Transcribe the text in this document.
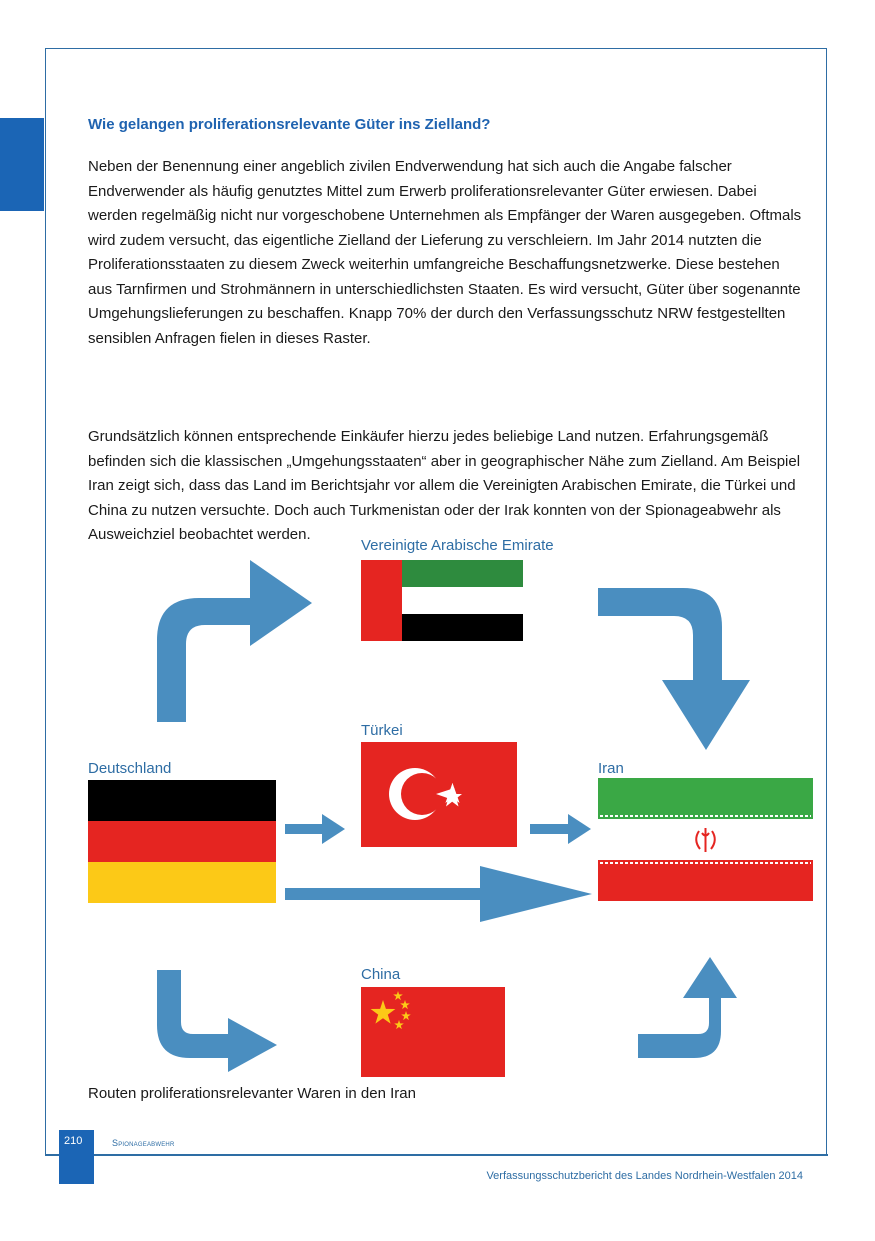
Wie gelangen proliferationsrelevante Güter ins Zielland?

Neben der Benennung einer angeblich zivilen Endverwendung hat sich auch die Angabe falscher Endverwender als häufig genutztes Mittel zum Erwerb proliferationsrelevanter Güter erwiesen. Dabei werden regelmäßig nicht nur vorgeschobene Unternehmen als Empfänger der Waren ausgegeben. Oftmals wird zudem versucht, das eigentliche Zielland der Lieferung zu verschleiern. Im Jahr 2014 nutzten die Proliferationsstaaten zu diesem Zweck weiterhin umfangreiche Beschaffungsnetzwerke. Diese bestehen aus Tarnfirmen und Strohmännern in unterschiedlichsten Staaten. Es wird versucht, Güter über sogenannte Umgehungslieferungen zu beschaffen. Knapp 70% der durch den Verfassungsschutz NRW festgestellten sensiblen Anfragen fielen in dieses Raster.

Grundsätzlich können entsprechende Einkäufer hierzu jedes beliebige Land nutzen. Erfahrungsgemäß befinden sich die klassischen „Umgehungsstaaten“ aber in geographischer Nähe zum Zielland. Am Beispiel Iran zeigt sich, dass das Land im Berichtsjahr vor allem die Vereinigten Arabischen Emirate, die Türkei und China zu nutzen versuchte. Doch auch Turkmenistan oder der Irak konnten von der Spionageabwehr als Ausweichziel beobachtet werden.

Vereinigte Arabische Emirate
Türkei
Deutschland	Iran
China
Routen proliferationsrelevanter Waren in den Iran
210	Spionageabwehr
Verfassungsschutzbericht des Landes Nordrhein-Westfalen 2014
